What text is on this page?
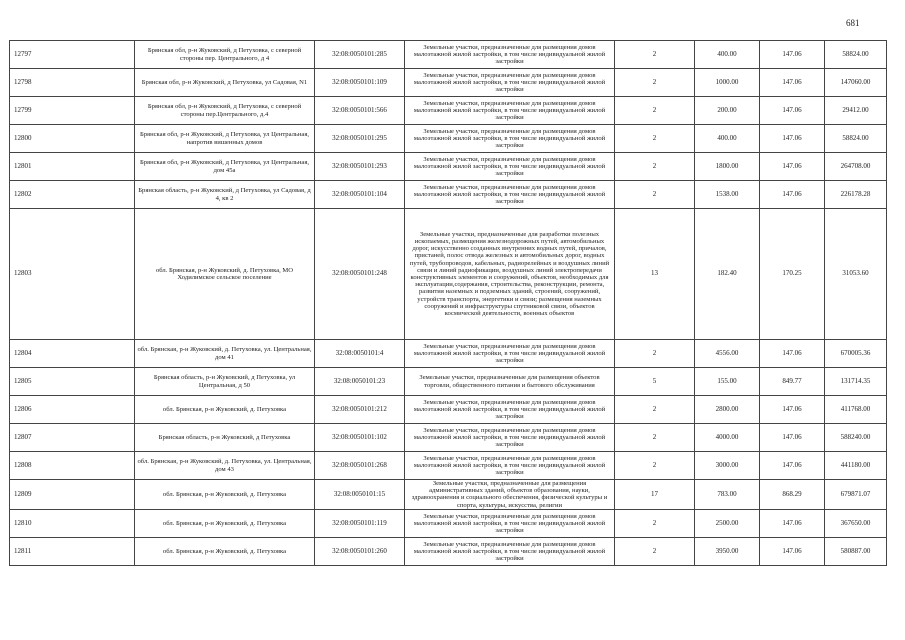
681
12797	Брянская обл, р-н Жуковский, д Петуховка, с северной стороны пер. Центрального, д 4	32:08:0050101:285	Земельные участки, предназначенные для размещения домов малоэтажной жилой застройки, в том числе индивидуальной жилой застройки	2	400.00	147.06	58824.00
12798	Брянская обл, р-н Жуковский, д Петуховка, ул Садовая, N1	32:08:0050101:109	Земельные участки, предназначенные для размещения домов малоэтажной жилой застройки, в том числе индивидуальной жилой застройки	2	1000.00	147.06	147060.00
12799	Брянская обл, р-н Жуковский, д Петуховка, с северной стороны пер.Центрального, д.4	32:08:0050101:566	Земельные участки, предназначенные для размещения домов малоэтажной жилой застройки, в том числе индивидуальной жилой застройки	2	200.00	147.06	29412.00
12800	Брянская обл, р-н Жуковский, д Петуховка, ул Центральная, напротив вишенных домов	32:08:0050101:295	Земельные участки, предназначенные для размещения домов малоэтажной жилой застройки, в том числе индивидуальной жилой застройки	2	400.00	147.06	58824.00
12801	Брянская обл, р-н Жуковский, д Петуховка, ул Центральная, дом 45а	32:08:0050101:293	Земельные участки, предназначенные для размещения домов малоэтажной жилой застройки, в том числе индивидуальной жилой застройки	2	1800.00	147.06	264708.00
12802	Брянская область, р-н Жуковский, д Петуховка, ул Садовая, д 4, кв 2	32:08:0050101:104	Земельные участки, предназначенные для размещения домов малоэтажной жилой застройки, в том числе индивидуальной жилой застройки	2	1538.00	147.06	226178.28
12803	обл. Брянская, р-н Жуковский, д. Петуховка, МО Ходилимское сельское поселение	32:08:0050101:248	Земельные участки, предназначенные для разработки полезных ископаемых, размещения железнодорожных путей, автомобильных дорог, искусственно созданных внутренних водных путей, причалов, пристаней, полос отвода железных и автомобильных дорог, водных путей, трубопроводов, кабельных, радиорелейных и воздушных линий связи и линий радиофикации, воздушных линий электропередачи конструктивных элементов и сооружений, объектов, необходимых для эксплуатации,содержания, строительства, реконструкции, ремонта, развития наземных и подземных зданий, строений, сооружений, устройств транспорта, энергетики и связи; размещения наземных сооружений и инфраструктуры спутниковой связи, объектов космической деятельности, военных объектов	13	182.40	170.25	31053.60
12804	обл. Брянская, р-н Жуковский, д. Петуховка, ул. Центральная, дом 41	32:08:0050101:4	Земельные участки, предназначенные для размещения домов малоэтажной жилой застройки, в том числе индивидуальной жилой застройки	2	4556.00	147.06	670005.36
12805	Брянская область, р-н Жуковский, д Петуховка, ул Центральная, д 50	32:08:0050101:23	Земельные участки, предназначенные для размещения объектов торговли, общественного питания и бытового обслуживания	5	155.00	849.77	131714.35
12806	обл. Брянская, р-н Жуковский, д. Петуховка	32:08:0050101:212	Земельные участки, предназначенные для размещения домов малоэтажной жилой застройки, в том числе индивидуальной жилой застройки	2	2800.00	147.06	411768.00
12807	Брянская область, р-н Жуковский, д Петуховка	32:08:0050101:102	Земельные участки, предназначенные для размещения домов малоэтажной жилой застройки, в том числе индивидуальной жилой застройки	2	4000.00	147.06	588240.00
12808	обл. Брянская, р-н Жуковский, д. Петуховка, ул. Центральная, дом 43	32:08:0050101:268	Земельные участки, предназначенные для размещения домов малоэтажной жилой застройки, в том числе индивидуальной жилой застройки	2	3000.00	147.06	441180.00
12809	обл. Брянская, р-н Жуковский, д. Петуховка	32:08:0050101:15	Земельные участки, предназначенные для размещения административных зданий, объектов образования, науки, здравоохранения и социального обеспечения, физической культуры и спорта, культуры, искусства, религии	17	783.00	868.29	679871.07
12810	обл. Брянская, р-н Жуковский, д. Петуховка	32:08:0050101:119	Земельные участки, предназначенные для размещения домов малоэтажной жилой застройки, в том числе индивидуальной жилой застройки	2	2500.00	147.06	367650.00
12811	обл. Брянская, р-н Жуковский, д. Петуховка	32:08:0050101:260	Земельные участки, предназначенные для размещения домов малоэтажной жилой застройки, в том числе индивидуальной жилой застройки	2	3950.00	147.06	580887.00
